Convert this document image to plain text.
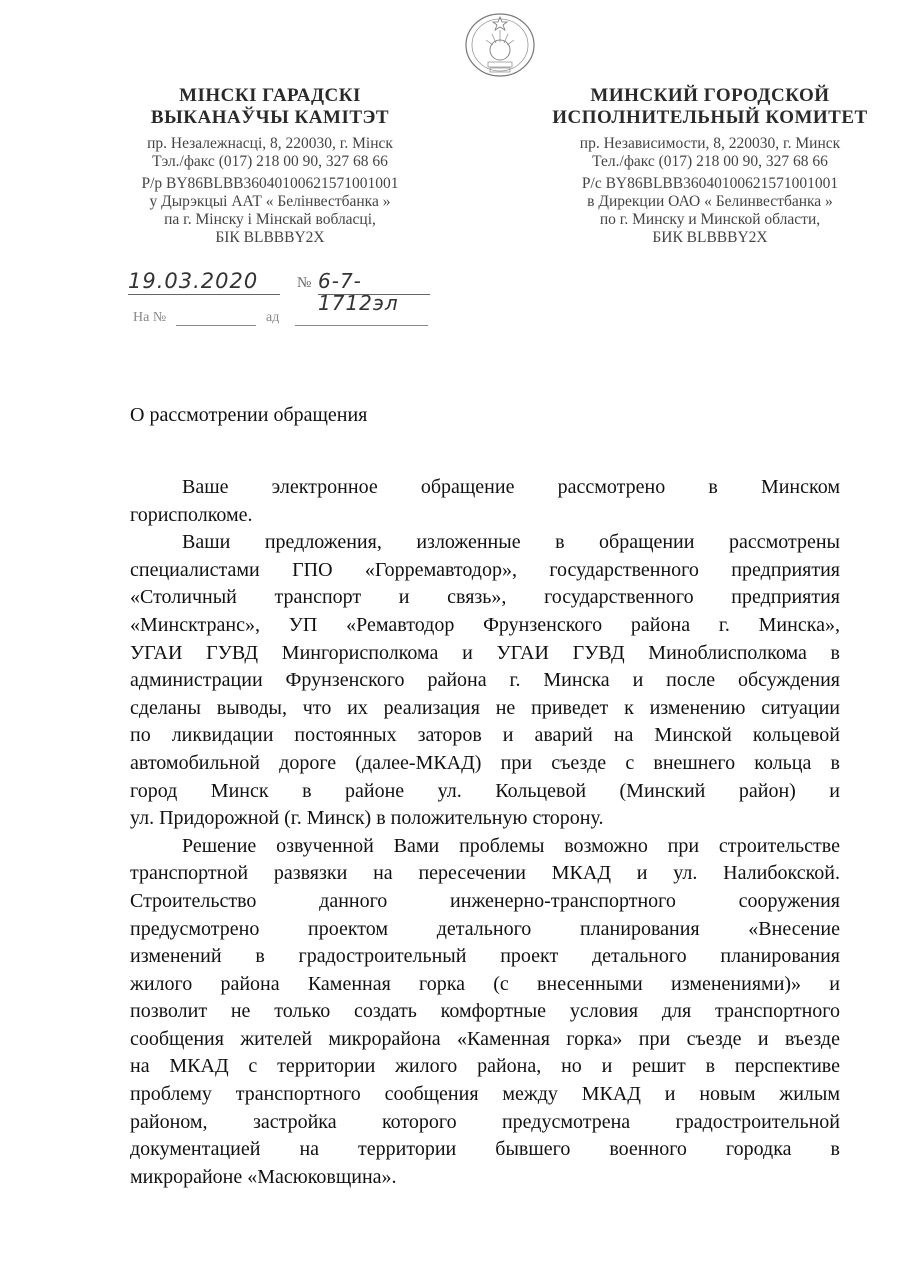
МІНСКІ ГАРАДСКІ
ВЫКАНАЎЧЫ КАМІТЭТ
пр. Незалежнасці, 8, 220030, г. Мінск
Тэл./факс (017) 218 00 90, 327 68 66
Р/р BY86BLBB36040100621571001001
у Дырэкцыі ААТ « Белінвестбанка »
па г. Мінску і Мінскай вобласці,
БІК BLBBBY2X
МИНСКИЙ ГОРОДСКОЙ
ИСПОЛНИТЕЛЬНЫЙ КОМИТЕТ
пр. Независимости, 8, 220030, г. Минск
Тел./факс (017) 218 00 90, 327 68 66
Р/с BY86BLBB36040100621571001001
в Дирекции ОАО « Белинвестбанка »
по г. Минску и Минской области,
БИК BLBBBY2X
19.03.2020	№ 6-7-1712эл
На №	ад
О рассмотрении обращения
Ваше электронное обращение рассмотрено в Минском
горисполкоме.
Ваши предложения, изложенные в обращении рассмотрены
специалистами ГПО «Горремавтодор», государственного предприятия
«Столичный транспорт и связь», государственного предприятия
«Минсктранс», УП «Ремавтодор Фрунзенского района г. Минска»,
УГАИ ГУВД Мингорисполкома и УГАИ ГУВД Миноблисполкома в
администрации Фрунзенского района г. Минска и после обсуждения
сделаны выводы, что их реализация не приведет к изменению ситуации
по ликвидации постоянных заторов и аварий на Минской кольцевой
автомобильной дороге (далее-МКАД) при съезде с внешнего кольца в
город Минск в районе ул. Кольцевой (Минский район) и
ул. Придорожной (г. Минск) в положительную сторону.
Решение озвученной Вами проблемы возможно при строительстве
транспортной развязки на пересечении МКАД и ул. Налибокской.
Строительство данного инженерно-транспортного сооружения
предусмотрено проектом детального планирования «Внесение
изменений в градостроительный проект детального планирования
жилого района Каменная горка (с внесенными изменениями)» и
позволит не только создать комфортные условия для транспортного
сообщения жителей микрорайона «Каменная горка» при съезде и въезде
на МКАД с территории жилого района, но и решит в перспективе
проблему транспортного сообщения между МКАД и новым жилым
районом, застройка которого предусмотрена градостроительной
документацией на территории бывшего военного городка в
микрорайоне «Масюковщина».
